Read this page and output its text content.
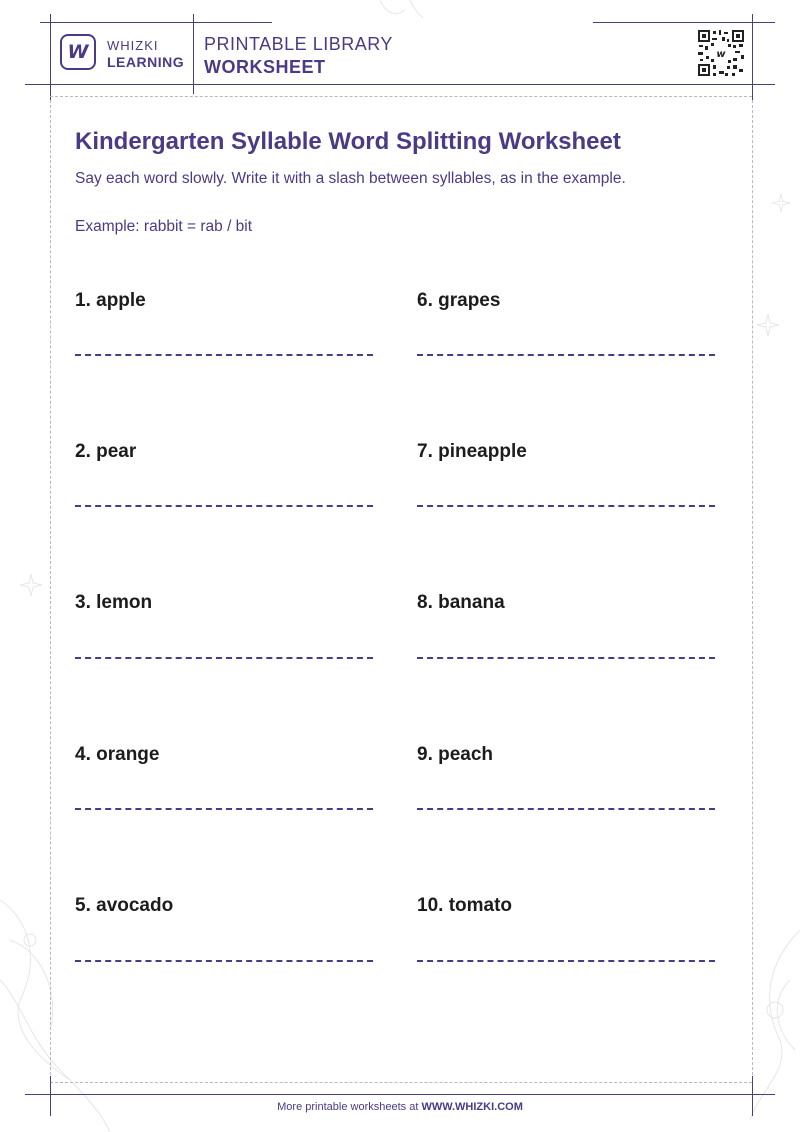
W WHIZKI
LEARNING
PRINTABLE LIBRARY
WORKSHEET
w
Kindergarten Syllable Word Splitting Worksheet
Say each word slowly. Write it with a slash between syllables, as in the example.
Example: rabbit = rab / bit
1. apple
2. pear
3. lemon
4. orange
5. avocado
6. grapes
7. pineapple
8. banana
9. peach
10. tomato
More printable worksheets at WWW.WHIZKI.COM
